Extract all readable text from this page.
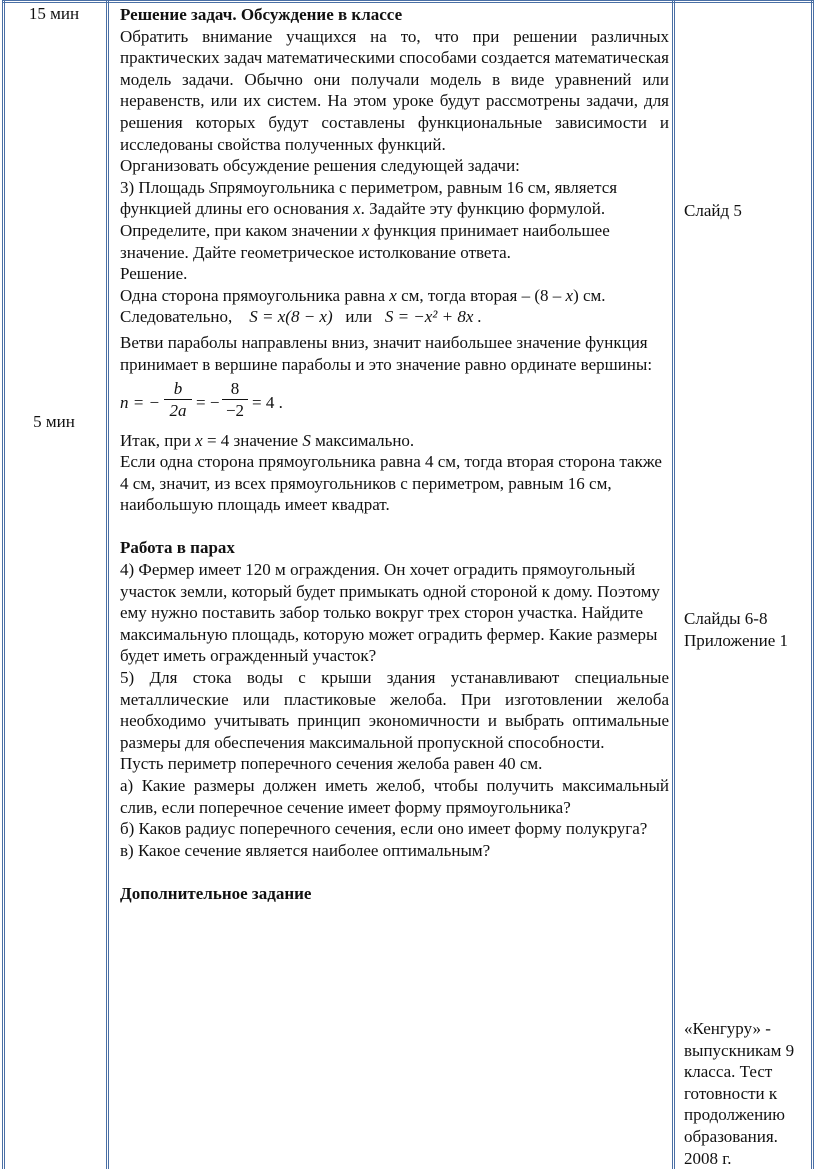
15 мин
5 мин

Решение задач. Обсуждение в классе

Обратить внимание учащихся на то, что при решении различных практических задач математическими способами создается математическая модель задачи. Обычно они получали модель в виде уравнений или неравенств, или их систем. На этом уроке будут рассмотрены задачи, для решения которых будут составлены функциональные зависимости и исследованы свойства полученных функций.

Организовать обсуждение решения следующей задачи:

3) Площадь Sпрямоугольника с периметром, равным 16 см, является функцией длины его основания x. Задайте эту функцию формулой. Определите, при каком значении x функция принимает наибольшее значение. Дайте геометрическое истолкование ответа.

Решение.

Одна сторона прямоугольника равна x см, тогда вторая – (8 – x) см.

Следовательно, S = x(8 − x) или S = −x² + 8x .

Ветви параболы направлены вниз, значит наибольшее значение функция принимает в вершине параболы и это значение равно ординате вершины:

n = −
b
2a = −
8
−2 = 4 .

Итак, при x = 4 значение S максимально.

Если одна сторона прямоугольника равна 4 см, тогда вторая сторона также 4 см, значит, из всех прямоугольников с периметром, равным 16 см, наибольшую площадь имеет квадрат.

Работа в парах

4) Фермер имеет 120 м ограждения. Он хочет оградить прямоугольный участок земли, который будет примыкать одной стороной к дому. Поэтому ему нужно поставить забор только вокруг трех сторон участка. Найдите максимальную площадь, которую может оградить фермер. Какие размеры будет иметь огражденный участок?

5) Для стока воды с крыши здания устанавливают специальные металлические или пластиковые желоба. При изготовлении желоба необходимо учитывать принцип экономичности и выбрать оптимальные размеры для обеспечения максимальной пропускной способности.

Пусть периметр поперечного сечения желоба равен 40 см.

а) Какие размеры должен иметь желоб, чтобы получить максимальный слив, если поперечное сечение имеет форму прямоугольника?

б) Каков радиус поперечного сечения, если оно имеет форму полукруга?

в) Какое сечение является наиболее оптимальным?

Дополнительное задание

Слайд 5
Слайды 6-8
Приложение 1
«Кенгуру» - выпускникам 9 класса. Тест готовности к продолжению образования. 2008 г.
